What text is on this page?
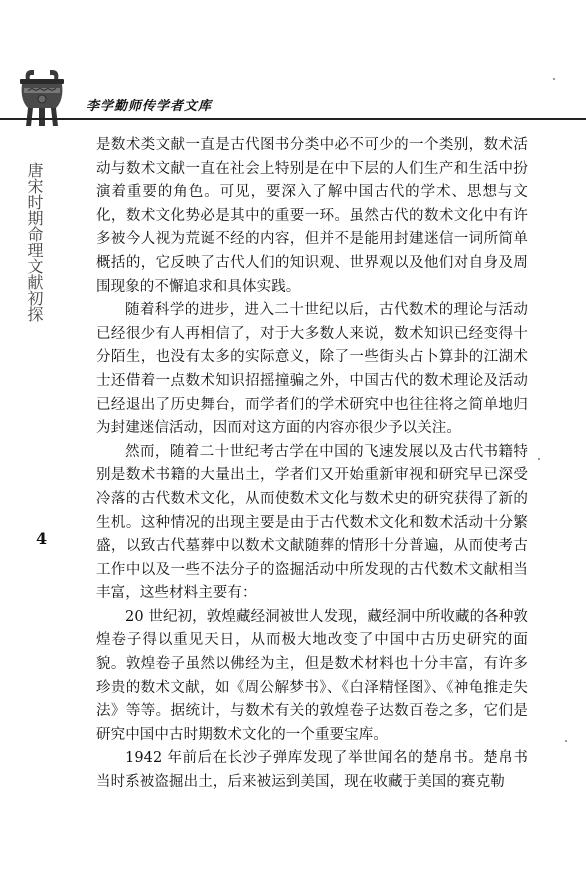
李学勤师传学者文库
唐宋时期命理文献初探
4

是数术类文献一直是古代图书分类中必不可少的一个类别，数术活动与数术文献一直在社会上特别是在中下层的人们生产和生活中扮演着重要的角色。可见，要深入了解中国古代的学术、思想与文化，数术文化势必是其中的重要一环。虽然古代的数术文化中有许多被今人视为荒诞不经的内容，但并不是能用封建迷信一词所简单概括的，它反映了古代人们的知识观、世界观以及他们对自身及周围现象的不懈追求和具体实践。

随着科学的进步，进入二十世纪以后，古代数术的理论与活动已经很少有人再相信了，对于大多数人来说，数术知识已经变得十分陌生，也没有太多的实际意义，除了一些街头占卜算卦的江湖术士还借着一点数术知识招摇撞骗之外，中国古代的数术理论及活动已经退出了历史舞台，而学者们的学术研究中也往往将之简单地归为封建迷信活动，因而对这方面的内容亦很少予以关注。

然而，随着二十世纪考古学在中国的飞速发展以及古代书籍特别是数术书籍的大量出土，学者们又开始重新审视和研究早已深受冷落的古代数术文化，从而使数术文化与数术史的研究获得了新的生机。这种情况的出现主要是由于古代数术文化和数术活动十分繁盛，以致古代墓葬中以数术文献随葬的情形十分普遍，从而使考古工作中以及一些不法分子的盗掘活动中所发现的古代数术文献相当丰富，这些材料主要有：

20 世纪初，敦煌藏经洞被世人发现，藏经洞中所收藏的各种敦煌卷子得以重见天日，从而极大地改变了中国中古历史研究的面貌。敦煌卷子虽然以佛经为主，但是数术材料也十分丰富，有许多珍贵的数术文献，如《周公解梦书》、《白泽精怪图》、《神龟推走失法》等等。据统计，与数术有关的敦煌卷子达数百卷之多，它们是研究中国中古时期数术文化的一个重要宝库。

1942 年前后在长沙子弹库发现了举世闻名的楚帛书。楚帛书当时系被盗掘出土，后来被运到美国，现在收藏于美国的赛克勒
